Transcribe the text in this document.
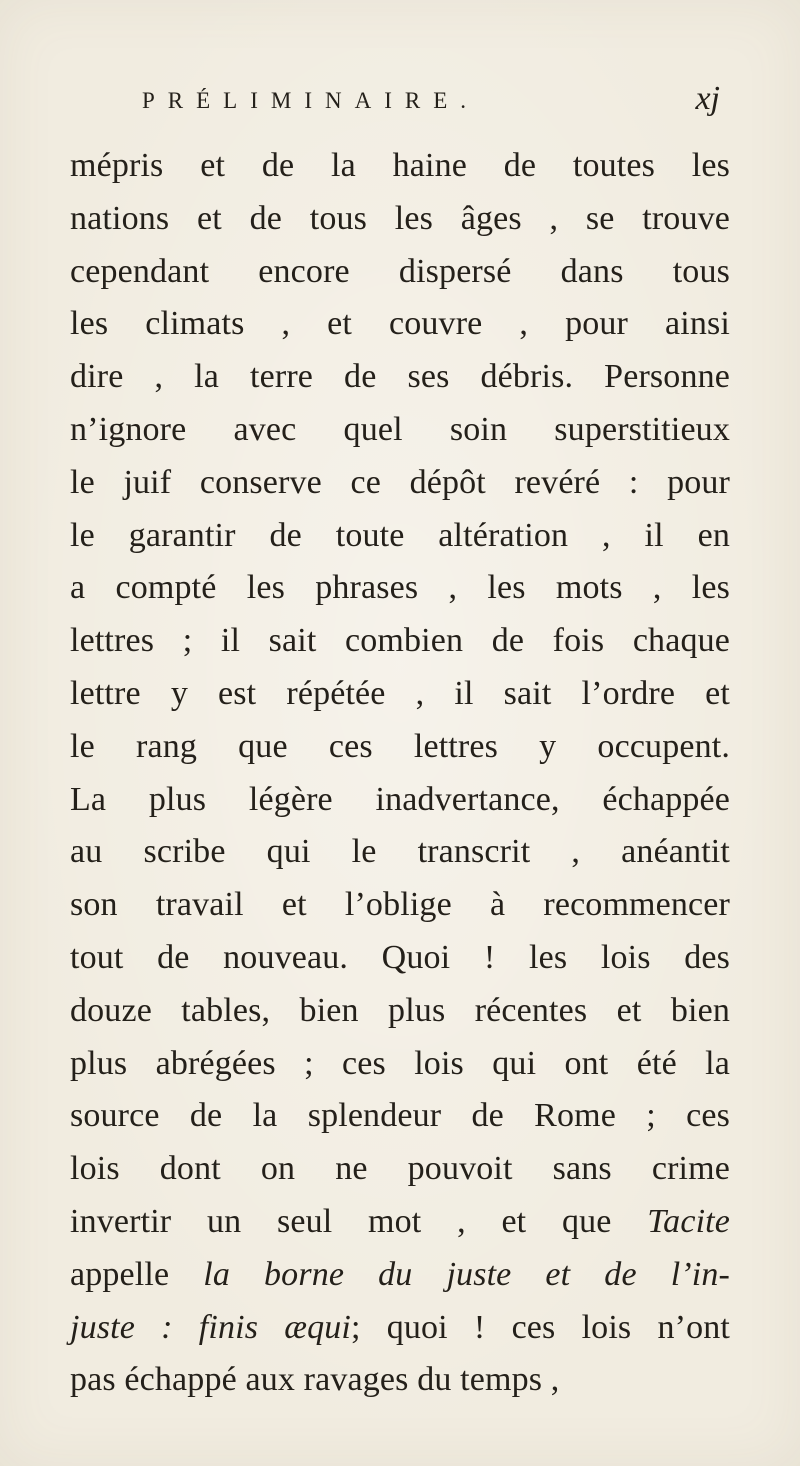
PRÉLIMINAIRE.	xj
mépris et de la haine de toutes les
nations et de tous les âges , se trouve
cependant encore dispersé dans tous
les climats , et couvre , pour ainsi
dire , la terre de ses débris. Personne
n’ignore avec quel soin superstitieux
le juif conserve ce dépôt revéré : pour
le garantir de toute altération , il en
a compté les phrases , les mots , les
lettres ; il sait combien de fois chaque
lettre y est répétée , il sait l’ordre et
le rang que ces lettres y occupent.
La plus légère inadvertance, échappée
au scribe qui le transcrit , anéantit
son travail et l’oblige à recommencer
tout de nouveau. Quoi ! les lois des
douze tables, bien plus récentes et bien
plus abrégées ; ces lois qui ont été la
source de la splendeur de Rome ; ces
lois dont on ne pouvoit sans crime
invertir un seul mot , et que Tacite
appelle la borne du juste et de l’in-
juste : finis æqui; quoi ! ces lois n’ont
pas échappé aux ravages du temps ,
